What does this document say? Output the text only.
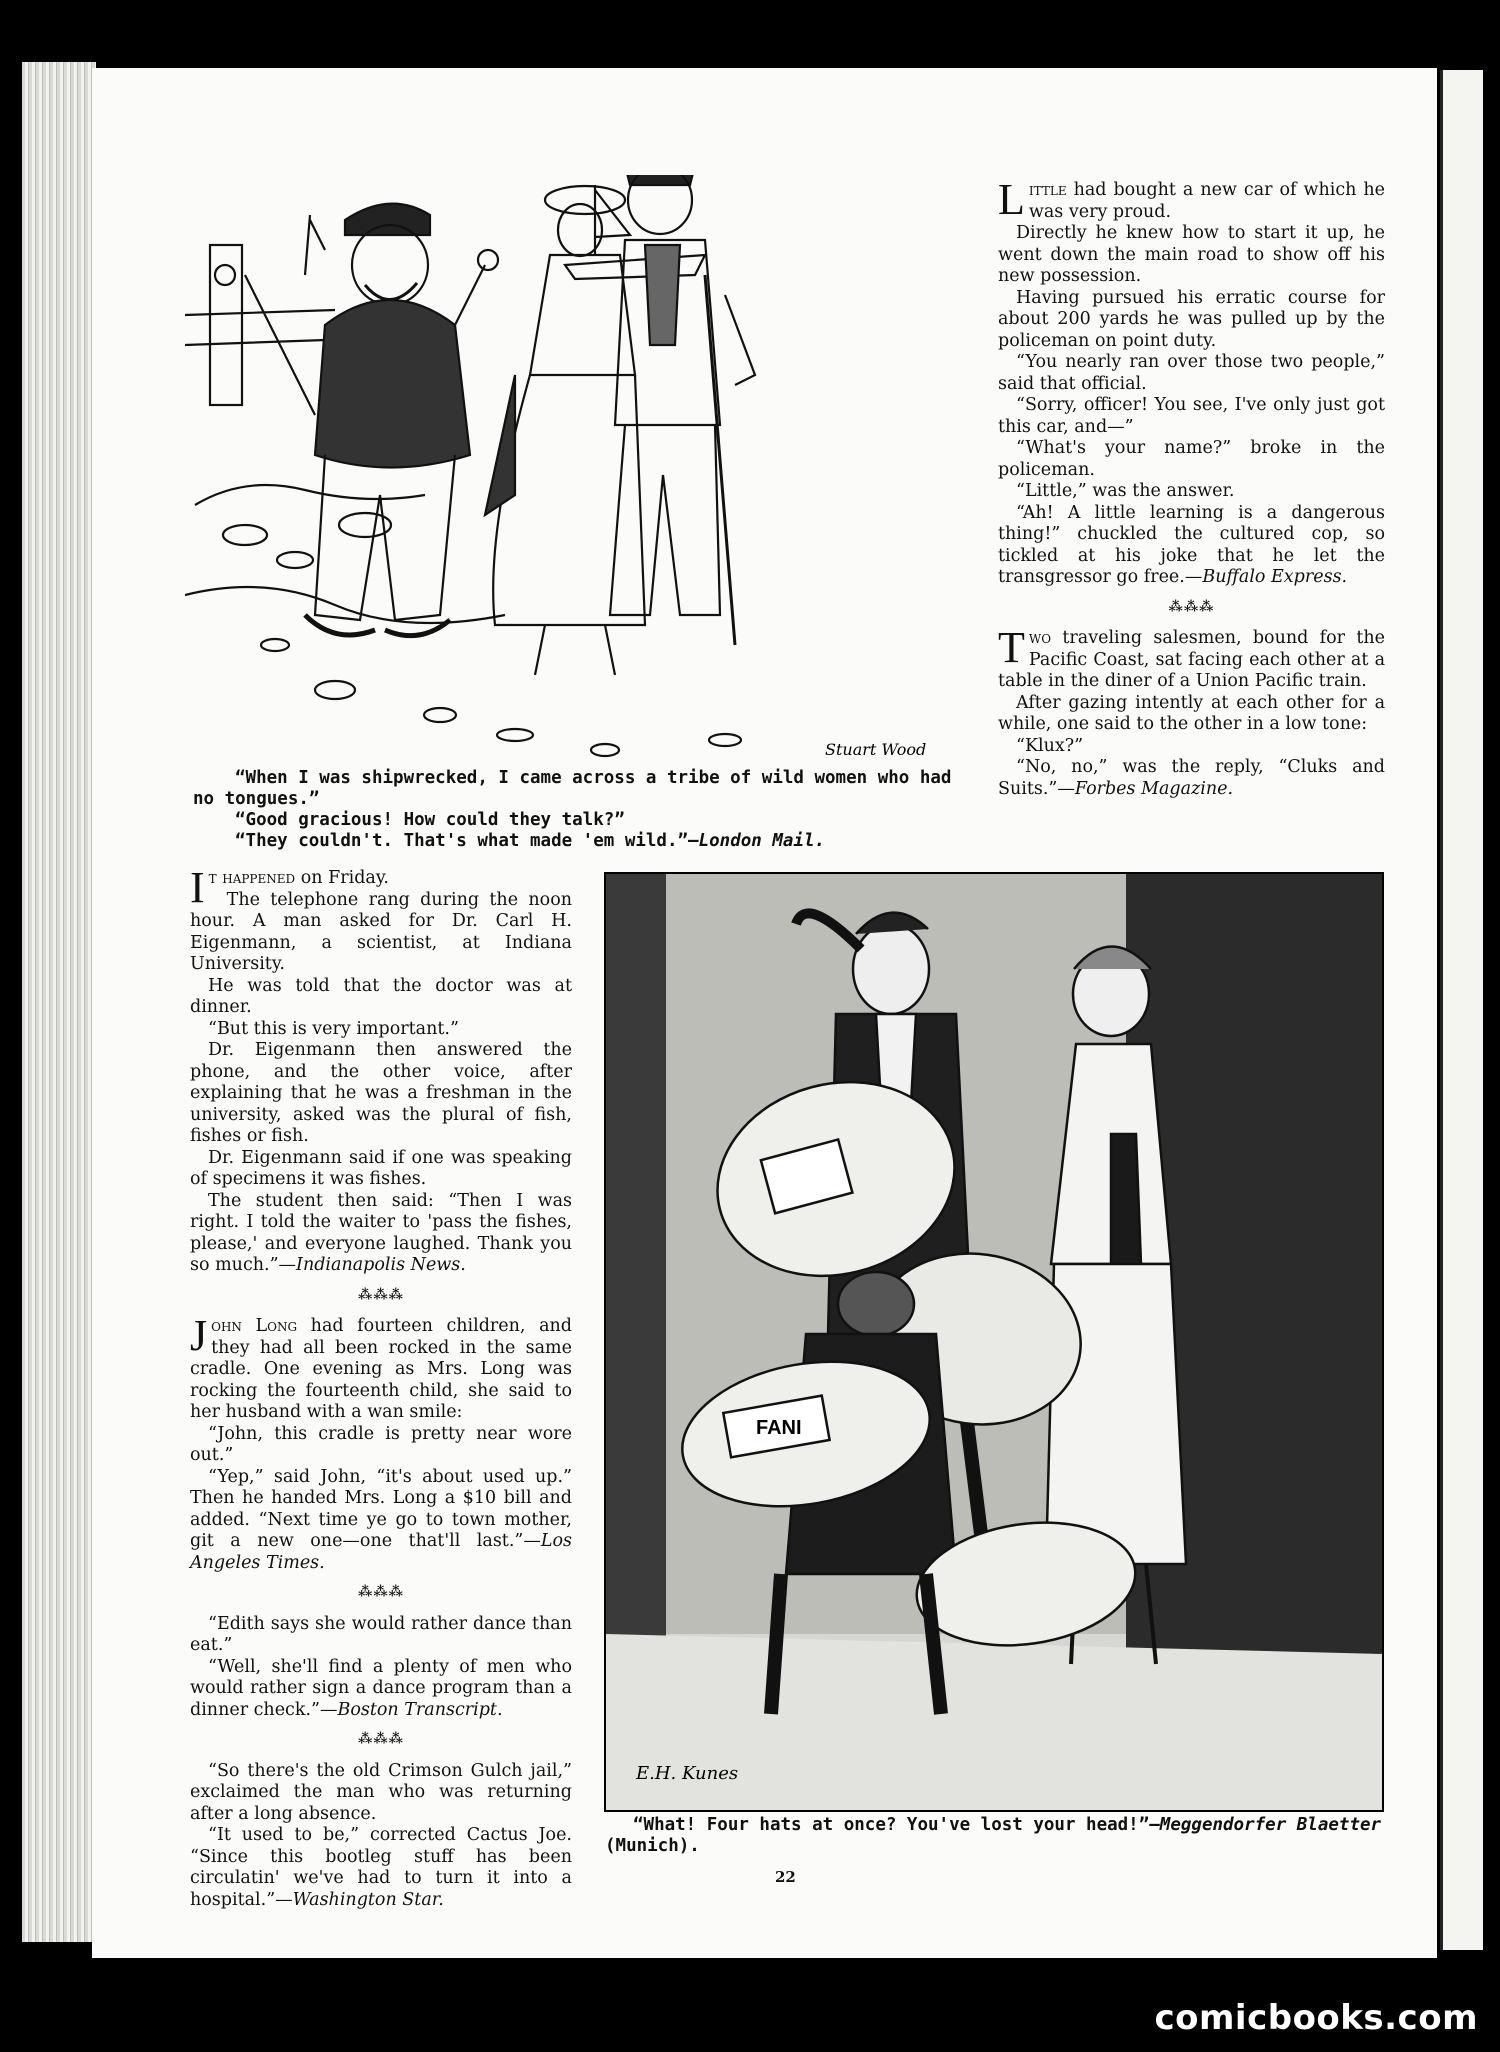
Stuart Wood

“When I was shipwrecked, I came across a tribe of wild women who had no tongues.”

“Good gracious! How could they talk?”

“They couldn't. That's what made 'em wild.”—London Mail.

L ittle had bought a new car of which he was very proud.

Directly he knew how to start it up, he went down the main road to show off his new possession.

Having pursued his erratic course for about 200 yards he was pulled up by the policeman on point duty.

“You nearly ran over those two people,” said that official.

“Sorry, officer! You see, I've only just got this car, and—”

“What's your name?” broke in the policeman.

“Little,” was the answer.

“Ah! A little learning is a dangerous thing!” chuckled the cultured cop, so tickled at his joke that he let the transgressor go free.—Buffalo Express.

⁂⁂⁂
T wo traveling salesmen, bound for the Pacific Coast, sat facing each other at a table in the diner of a Union Pacific train.

After gazing intently at each other for a while, one said to the other in a low tone:

“Klux?”

“No, no,” was the reply, “Cluks and Suits.”—Forbes Magazine.

I t happened on Friday.

The telephone rang during the noon hour. A man asked for Dr. Carl H. Eigenmann, a scientist, at Indiana University.

He was told that the doctor was at dinner.

“But this is very important.”

Dr. Eigenmann then answered the phone, and the other voice, after explaining that he was a freshman in the university, asked was the plural of fish, fishes or fish.

Dr. Eigenmann said if one was speaking of specimens it was fishes.

The student then said: “Then I was right. I told the waiter to 'pass the fishes, please,' and everyone laughed. Thank you so much.”—Indianapolis News.

⁂⁂⁂
J ohn Long had fourteen children, and they had all been rocked in the same cradle. One evening as Mrs. Long was rocking the fourteenth child, she said to her husband with a wan smile:

“John, this cradle is pretty near wore out.”

“Yep,” said John, “it's about used up.” Then he handed Mrs. Long a $10 bill and added. “Next time ye go to town mother, git a new one—one that'll last.”—Los Angeles Times.

⁂⁂⁂

“Edith says she would rather dance than eat.”

“Well, she'll find a plenty of men who would rather sign a dance program than a dinner check.”—Boston Transcript.

⁂⁂⁂

“So there's the old Crimson Gulch jail,” exclaimed the man who was returning after a long absence.

“It used to be,” corrected Cactus Joe. “Since this bootleg stuff has been circulatin' we've had to turn it into a hospital.”—Washington Star.

FANI
E.H. Kunes

“What! Four hats at once? You've lost your head!”—Meggendorfer Blaetter (Munich).

22
comicbooks.com
